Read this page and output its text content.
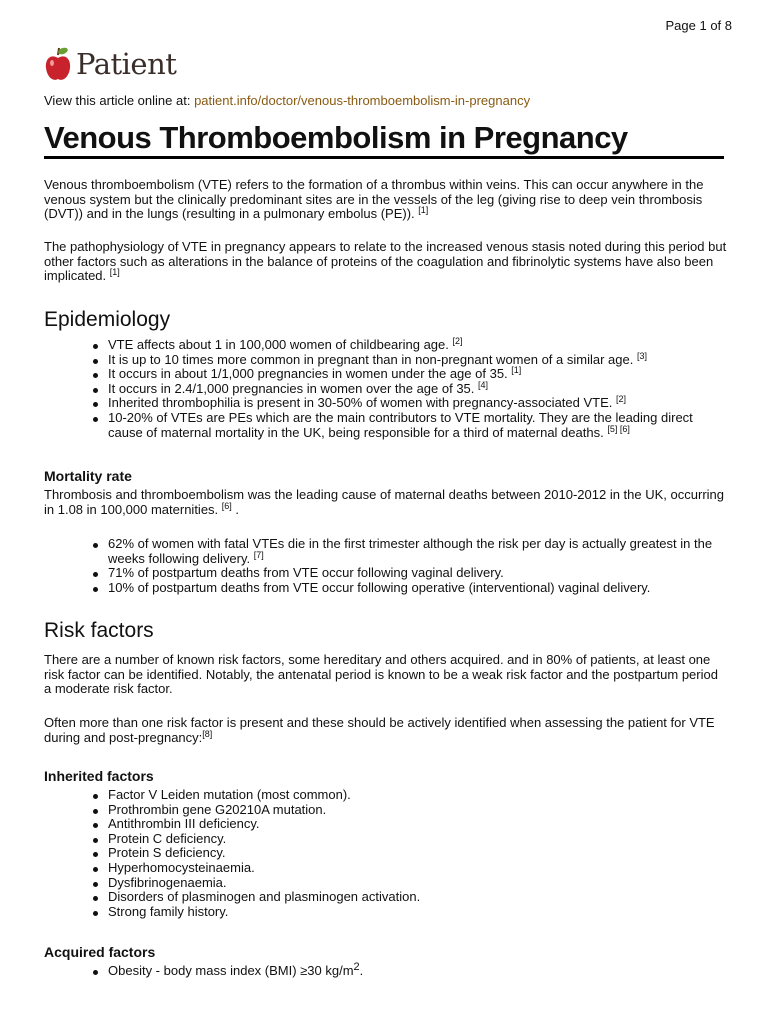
Page 1 of 8
Patient
View this article online at: patient.info/doctor/venous-thromboembolism-in-pregnancy
Venous Thromboembolism in Pregnancy

Venous thromboembolism (VTE) refers to the formation of a thrombus within veins. This can occur anywhere in the venous system but the clinically predominant sites are in the vessels of the leg (giving rise to deep vein thrombosis (DVT)) and in the lungs (resulting in a pulmonary embolus (PE)). [1]

The pathophysiology of VTE in pregnancy appears to relate to the increased venous stasis noted during this period but other factors such as alterations in the balance of proteins of the coagulation and fibrinolytic systems have also been implicated. [1]

Epidemiology
VTE affects about 1 in 100,000 women of childbearing age. [2]
It is up to 10 times more common in pregnant than in non-pregnant women of a similar age. [3]
It occurs in about 1/1,000 pregnancies in women under the age of 35. [1]
It occurs in 2.4/1,000 pregnancies in women over the age of 35. [4]
Inherited thrombophilia is present in 30-50% of women with pregnancy-associated VTE. [2]
10-20% of VTEs are PEs which are the main contributors to VTE mortality. They are the leading direct cause of maternal mortality in the UK, being responsible for a third of maternal deaths. [5] [6]
Mortality rate

Thrombosis and thromboembolism was the leading cause of maternal deaths between 2010-2012 in the UK, occurring in 1.08 in 100,000 maternities. [6] .

62% of women with fatal VTEs die in the first trimester although the risk per day is actually greatest in the weeks following delivery. [7]
71% of postpartum deaths from VTE occur following vaginal delivery.
10% of postpartum deaths from VTE occur following operative (interventional) vaginal delivery.
Risk factors

There are a number of known risk factors, some hereditary and others acquired. and in 80% of patients, at least one risk factor can be identified. Notably, the antenatal period is known to be a weak risk factor and the postpartum period a moderate risk factor.

Often more than one risk factor is present and these should be actively identified when assessing the patient for VTE during and post-pregnancy:[8]

Inherited factors
Factor V Leiden mutation (most common).
Prothrombin gene G20210A mutation.
Antithrombin III deficiency.
Protein C deficiency.
Protein S deficiency.
Hyperhomocysteinaemia.
Dysfibrinogenaemia.
Disorders of plasminogen and plasminogen activation.
Strong family history.
Acquired factors
Obesity - body mass index (BMI) ≥30 $kg/m^2$.
